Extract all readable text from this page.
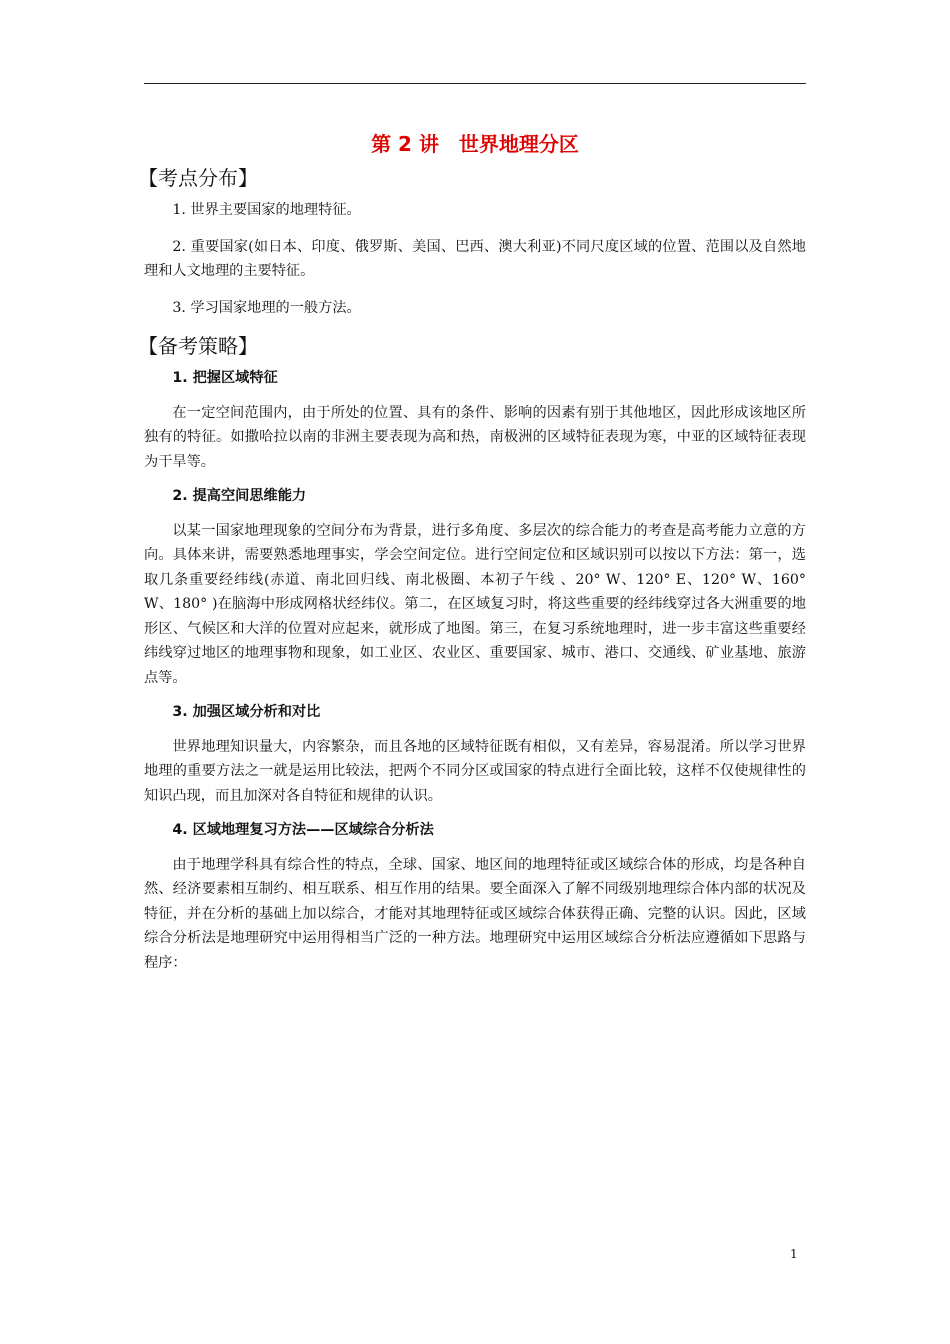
第 2 讲　世界地理分区
【考点分布】

1. 世界主要国家的地理特征。

2. 重要国家(如日本、印度、俄罗斯、美国、巴西、澳大利亚)不同尺度区域的位置、范围以及自然地理和人文地理的主要特征。

3. 学习国家地理的一般方法。

【备考策略】
1. 把握区域特征

在一定空间范围内，由于所处的位置、具有的条件、影响的因素有别于其他地区，因此形成该地区所独有的特征。如撒哈拉以南的非洲主要表现为高和热，南极洲的区域特征表现为寒，中亚的区域特征表现为干旱等。

2. 提高空间思维能力

以某一国家地理现象的空间分布为背景，进行多角度、多层次的综合能力的考查是高考能力立意的方向。具体来讲，需要熟悉地理事实，学会空间定位。进行空间定位和区域识别可以按以下方法：第一，选取几条重要经纬线(赤道、南北回归线、南北极圈、本初子午线 、20° W、120° E、120° W、160° W、180° )在脑海中形成网格状经纬仪。第二，在区域复习时，将这些重要的经纬线穿过各大洲重要的地形区、气候区和大洋的位置对应起来，就形成了地图。第三，在复习系统地理时，进一步丰富这些重要经纬线穿过地区的地理事物和现象，如工业区、农业区、重要国家、城市、港口、交通线、矿业基地、旅游点等。

3. 加强区域分析和对比

世界地理知识量大，内容繁杂，而且各地的区域特征既有相似，又有差异，容易混淆。所以学习世界地理的重要方法之一就是运用比较法，把两个不同分区或国家的特点进行全面比较，这样不仅使规律性的知识凸现，而且加深对各自特征和规律的认识。

4. 区域地理复习方法——区域综合分析法

由于地理学科具有综合性的特点，全球、国家、地区间的地理特征或区域综合体的形成，均是各种自然、经济要素相互制约、相互联系、相互作用的结果。要全面深入了解不同级别地理综合体内部的状况及特征，并在分析的基础上加以综合，才能对其地理特征或区域综合体获得正确、完整的认识。因此，区域综合分析法是地理研究中运用得相当广泛的一种方法。地理研究中运用区域综合分析法应遵循如下思路与程序：

1
